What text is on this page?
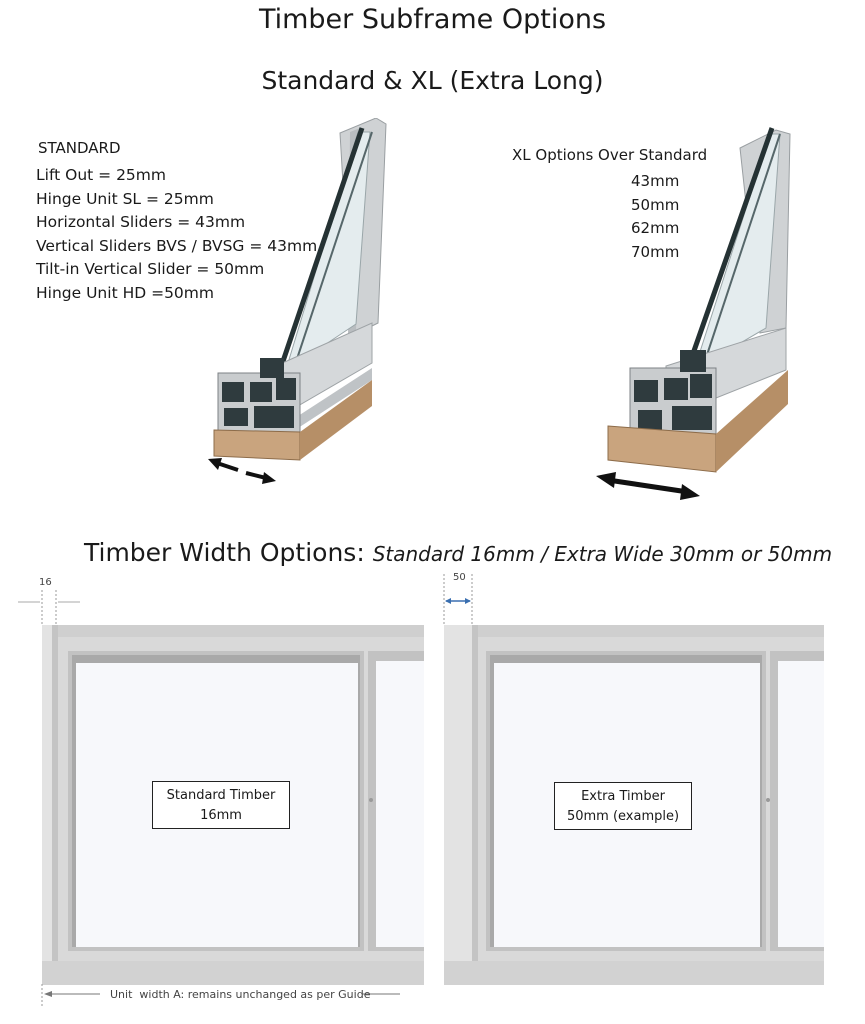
Timber Subframe Options
Standard & XL (Extra Long)
STANDARD
Lift Out = 25mm
Hinge Unit SL = 25mm
Horizontal Sliders = 43mm
Vertical Sliders BVS / BVSG = 43mm
Tilt-in Vertical Slider = 50mm
Hinge Unit HD =50mm
XL Options Over Standard
43mm
50mm
62mm
70mm
Timber Width Options: Standard 16mm / Extra Wide 30mm or 50mm
16	50
Standard Timber
16mm
Extra Timber
50mm (example)
Unit width A: remains unchanged as per Guide
